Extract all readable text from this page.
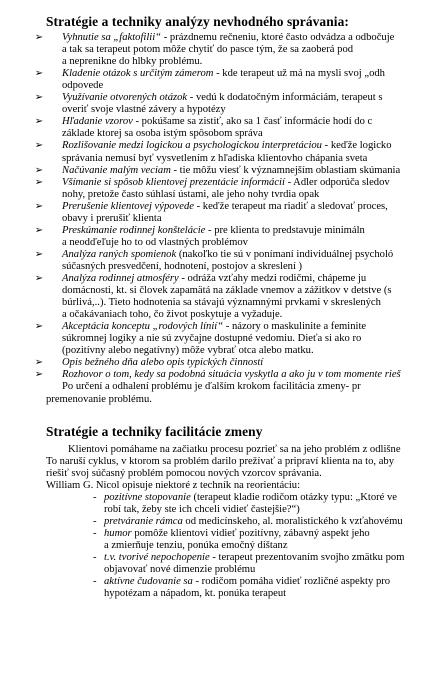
Stratégie a techniky analýzy nevhodného správania:
➢ Vyhnutie sa „faktofilii“ - prázdnemu rečneniu, ktoré často odvádza a odbočuje
a tak sa terapeut potom môže chytiť do pasce tým, že sa zaoberá pod
a nepreniknе do hlbky problému.
➢ Kladenie otázok s určitým zámerom - kde terapeut už má na mysli svoj „odh
odpovede
➢ Využívanie otvorených otázok - vedú k dodatočným informáciám, terapeut s
overiť svoje vlastné závery a hypotézy
➢ Hľadanie vzorov - pokúšame sa zistiť, ako sa 1 časť informácie hodí do c
základe ktorej sa osoba istým spôsobom správa
➢ Rozlišovanie medzi logickou a psychologickou interpretáciou - keďže logicko
správania nemusí byť vysvetlením z hľadiska klientovho chápania sveta
➢ Načúvanie malým veciam - tie môžu viesť k významnejším oblastiam skúmania
➢ Všímanie si spôsob klientovej prezentácie informácií - Adler odporúča sledov
nohy, pretože často súhlasí ústami, ale jeho nohy tvrdia opak
➢ Prerušenie klientovej výpovede - keďže terapeut ma riadiť a sledovať proces,
obavy i prerušiť klienta
➢ Preskúmanie rodinnej konštelácie - pre klienta to predstavuje minimáln
a neodďeľuje ho to od vlastných problémov
➢ Analýza raných spomienok (nakoľko tie sú v ponímaní individuálnej psycholó
súčasných presvedčení, hodnotení, postojov a skreslení )
➢ Analýza rodinnej atmosféry - odráža vzťahy medzi rodičmi, chápeme ju
domácnosti, kt. si človek zapamätá na základe vnemov a zážitkov v detstve (s
búrlivá,..). Tieto hodnotenia sa stávajú významnými prvkami v skreslených
a očakávaniach toho, čo život poskytuje a vyžaduje.
➢ Akceptácia konceptu „rodových línií“ - názory o maskulinite a feminite
súkromnej logiky a nie sú zvyčajne dostupné vedomiu. Dieťa si ako ro
(pozitívny alebo negatívny) môže vybrať otca alebo matku.
➢ Opis bežného dňa alebo opis typických činností
➢ Rozhovor o tom, kedy sa podobná situácia vyskytla a ako ju v tom momente rieš
Po určení a odhalení problému je ďalším krokom facilitácia zmeny- pr
premenovanie problému.
Stratégie a techniky facilitácie zmeny
Klientovi pomáhame na začiatku procesu pozrieť sa na jeho problém z odlišne
To naruší cyklus, v ktorom sa problém darilo prežívať a pripraví klienta na to, aby
riešiť svoj súčasný problém pomocou nových vzorcov správania.
William G. Nicol opisuje niektoré z techník na reorientáciu:
- pozitívne stopovanie (terapeut kladie rodičom otázky typu: „Ktoré ve
robí tak, žeby ste ich chceli vidieť častejšie?“)
- pretváranie rámca od medicínskeho, al. moralistického k vzťahovému
- humor pomôže klientovi vidieť pozitívny, zábavný aspekt jeho
a zmierňuje tenziu, ponúka emočný dištanz
- t.v. tvorivé nepochopenie - terapeut prezentovaním svojho zmätku pom
objavovať nové dimenzie problému
- aktívne čudovanie sa - rodičom pomáha vidieť rozličné aspekty pro
hypotézam a nápadom, kt. ponúka terapeut
